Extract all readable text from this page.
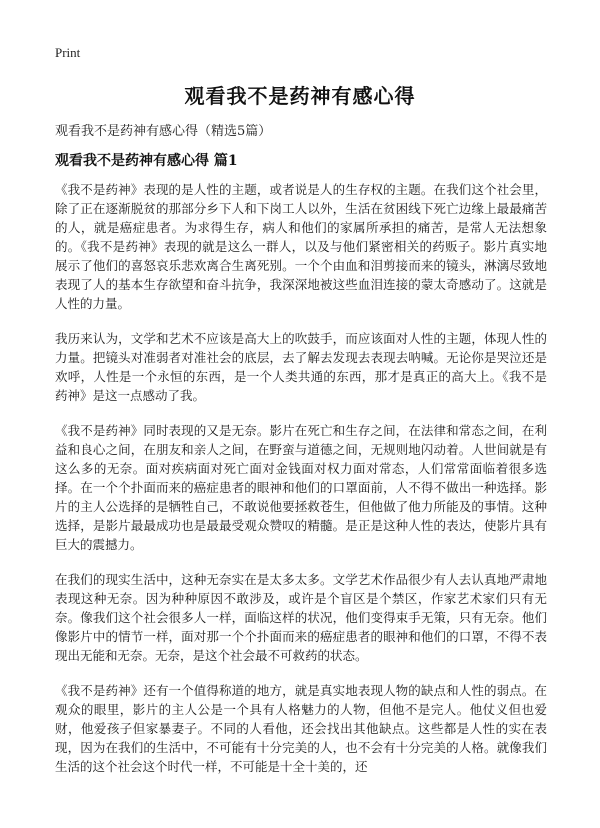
Print
观看我不是药神有感心得

观看我不是药神有感心得（精选5篇）

观看我不是药神有感心得 篇1

《我不是药神》表现的是人性的主题，或者说是人的生存权的主题。在我们这个社会里，除了正在逐渐脱贫的那部分乡下人和下岗工人以外，生活在贫困线下死亡边缘上最最痛苦的人，就是癌症患者。为求得生存，病人和他们的家属所承担的痛苦，是常人无法想象的。《我不是药神》表现的就是这么一群人，以及与他们紧密相关的药贩子。影片真实地展示了他们的喜怒哀乐悲欢离合生离死别。一个个由血和泪剪接而来的镜头，淋漓尽致地表现了人的基本生存欲望和奋斗抗争，我深深地被这些血泪连接的蒙太奇感动了。这就是人性的力量。

我历来认为，文学和艺术不应该是高大上的吹鼓手，而应该面对人性的主题，体现人性的力量。把镜头对准弱者对准社会的底层，去了解去发现去表现去呐喊。无论你是哭泣还是欢呼，人性是一个永恒的东西，是一个人类共通的东西，那才是真正的高大上。《我不是药神》是这一点感动了我。

《我不是药神》同时表现的又是无奈。影片在死亡和生存之间，在法律和常态之间，在利益和良心之间，在朋友和亲人之间，在野蛮与道德之间，无规则地闪动着。人世间就是有这么多的无奈。面对疾病面对死亡面对金钱面对权力面对常态，人们常常面临着很多选择。在一个个扑面而来的癌症患者的眼神和他们的口罩面前，人不得不做出一种选择。影片的主人公选择的是牺牲自己，不敢说他要拯救苍生，但他做了他力所能及的事情。这种选择，是影片最最成功也是最最受观众赞叹的精髓。是正是这种人性的表达，使影片具有巨大的震撼力。

在我们的现实生活中，这种无奈实在是太多太多。文学艺术作品很少有人去认真地严肃地表现这种无奈。因为种种原因不敢涉及，或许是个盲区是个禁区，作家艺术家们只有无奈。像我们这个社会很多人一样，面临这样的状况，他们变得束手无策，只有无奈。他们像影片中的情节一样，面对那一个个扑面而来的癌症患者的眼神和他们的口罩，不得不表现出无能和无奈。无奈，是这个社会最不可救药的状态。

《我不是药神》还有一个值得称道的地方，就是真实地表现人物的缺点和人性的弱点。在观众的眼里，影片的主人公是一个具有人格魅力的人物，但他不是完人。他仗义但也爱财，他爱孩子但家暴妻子。不同的人看他，还会找出其他缺点。这些都是人性的实在表现，因为在我们的生活中，不可能有十分完美的人，也不会有十分完美的人格。就像我们生活的这个社会这个时代一样，不可能是十全十美的，还
